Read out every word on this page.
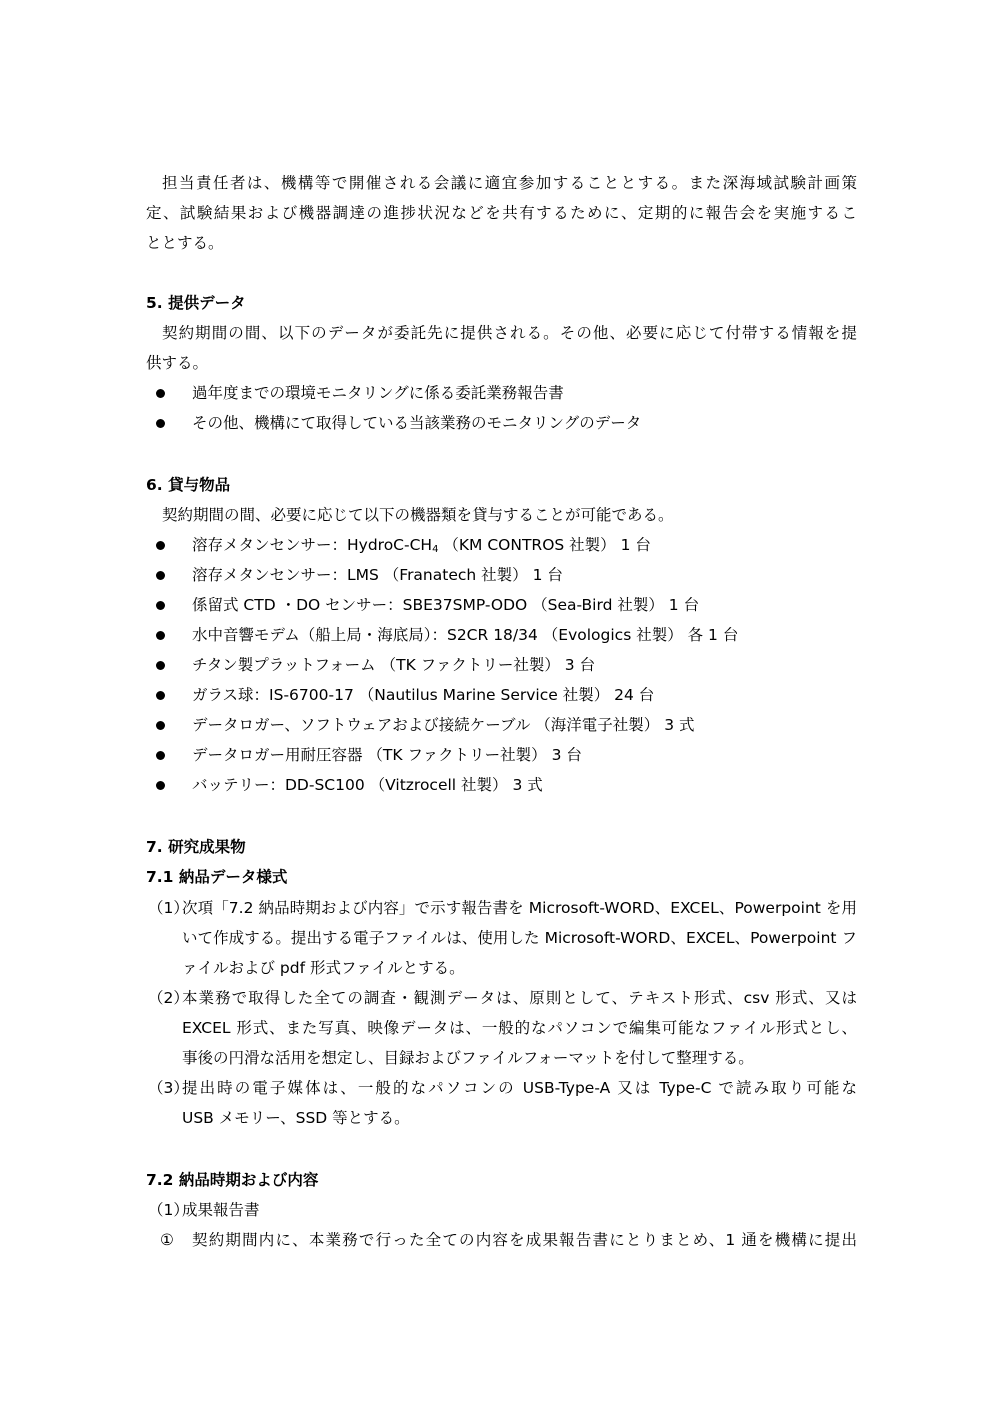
担当責任者は、機構等で開催される会議に適宜参加することとする。また深海域試験計画策
定、試験結果および機器調達の進捗状況などを共有するために、定期的に報告会を実施するこ
ととする。
5. 提供データ
契約期間の間、以下のデータが委託先に提供される。その他、必要に応じて付帯する情報を提
供する。
過年度までの環境モニタリングに係る委託業務報告書
その他、機構にて取得している当該業務のモニタリングのデータ
6. 貸与物品
契約期間の間、必要に応じて以下の機器類を貸与することが可能である。
溶存メタンセンサー：HydroC-$CH_4$ （KM CONTROS 社製） 1 台
溶存メタンセンサー：LMS （Franatech 社製） 1 台
係留式 CTD ・DO センサー：SBE37SMP-ODO （Sea-Bird 社製） 1 台
水中音響モデム（船上局・海底局）：S2CR 18/34 （Evologics 社製） 各 1 台
チタン製プラットフォーム （TK ファクトリー社製） 3 台
ガラス球：IS-6700-17 （Nautilus Marine Service 社製） 24 台
データロガー、ソフトウェアおよび接続ケーブル （海洋電子社製） 3 式
データロガー用耐圧容器 （TK ファクトリー社製） 3 台
バッテリー：DD-SC100 （Vitzrocell 社製） 3 式
7. 研究成果物
7.1 納品データ様式
（1）
次項「7.2 納品時期および内容」で示す報告書を Microsoft-WORD、EXCEL、Powerpoint を用
いて作成する。提出する電子ファイルは、使用した Microsoft-WORD、EXCEL、Powerpoint フ
ァイルおよび pdf 形式ファイルとする。
（2）
本業務で取得した全ての調査・観測データは、原則として、テキスト形式、csv 形式、又は
EXCEL 形式、また写真、映像データは、一般的なパソコンで編集可能なファイル形式とし、
事後の円滑な活用を想定し、目録およびファイルフォーマットを付して整理する。
（3）
提出時の電子媒体は、一般的なパソコンの USB-Type-A 又は Type-C で読み取り可能な
USB メモリー、SSD 等とする。
7.2 納品時期および内容
（1）
成果報告書
① 契約期間内に、本業務で行った全ての内容を成果報告書にとりまとめ、1 通を機構に提出
